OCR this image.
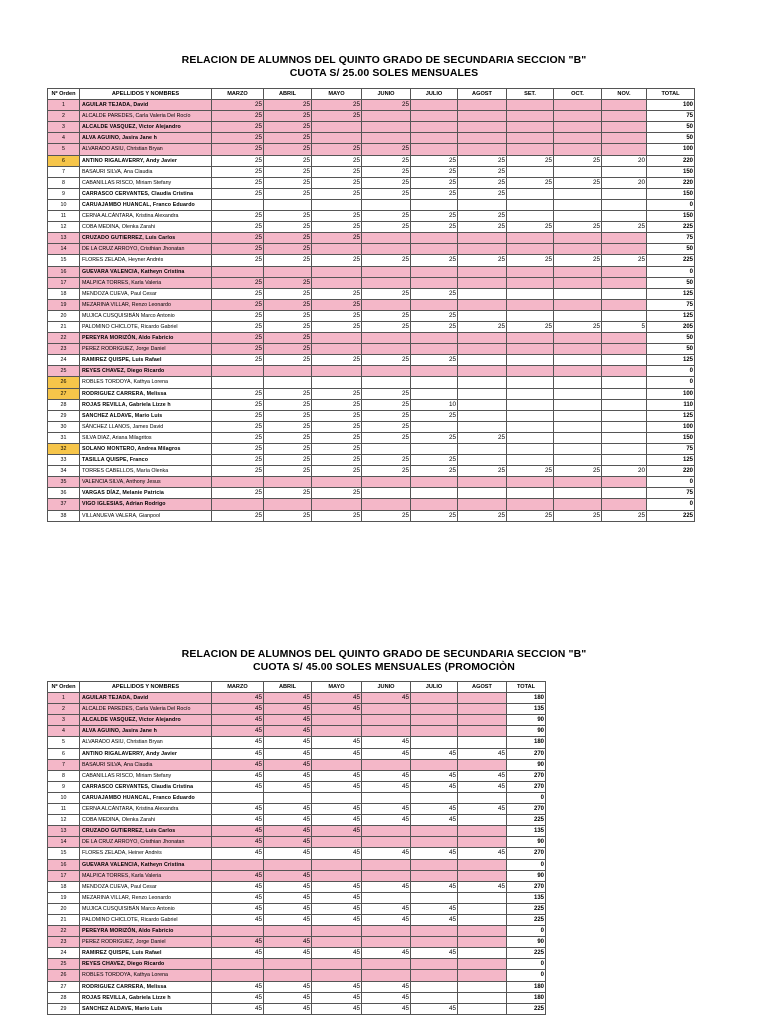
RELACION DE ALUMNOS DEL QUINTO GRADO DE SECUNDARIA SECCION "B"
CUOTA S/ 25.00 SOLES MENSUALES
Nº Orden	APELLIDOS Y NOMBRES	MARZO	ABRIL	MAYO	JUNIO	JULIO	AGOST	SET.	OCT.	NOV.	TOTAL
1	AGUILAR TEJADA, David	25	25	25	25						100
2	ALCALDE PAREDES, Carla Valeria Del Rocío	25	25	25							75
3	ALCALDE VASQUEZ, Victor Alejandro	25	25								50
4	ALVA AGUINO, Jasira Jane h	25	25								50
5	ALVARADO ASIU, Christian Bryan	25	25	25	25						100
6	ANTINO RIGALAVERRY, Andy Javier	25	25	25	25	25	25	25	25	20	220
7	BASAURI SILVA, Ana Claudia	25	25	25	25	25	25				150
8	CABANILLAS RISCO, Miriam Stefany	25	25	25	25	25	25	25	25	20	220
9	CARRASCO CERVANTES, Claudia Cristina	25	25	25	25	25	25				150
10	CARUAJAMBO HUANCAL, Franco Eduardo										0
11	CERNA ALCÁNTARA, Kristina Alexandra	25	25	25	25	25	25				150
12	COBA MEDINA, Olenka Zarahi	25	25	25	25	25	25	25	25	25	225
13	CRUZADO GUTIERREZ, Luis Carlos	25	25	25							75
14	DE LA CRUZ ARROYO, Cristhian Jhonatan	25	25								50
15	FLORES ZELADA, Heyner Andrés	25	25	25	25	25	25	25	25	25	225
16	GUEVARA VALENCIA, Katheyn Cristina										0
17	MALPICA TORRES, Karla Valeria	25	25								50
18	MENDOZA CUEVA, Paul Cesar	25	25	25	25	25					125
19	MEZARINA VILLAR, Renzo Leonardo	25	25	25							75
20	MUJICA CUSQUISIBÁN Marco Antonio	25	25	25	25	25					125
21	PALOMINO CHICLOTE, Ricardo Gabriel	25	25	25	25	25	25	25	25	5	205
22	PEREYRA MORIZÓN, Aldo Fabricio	25	25								50
23	PEREZ RODRIGUEZ, Jorge Daniel	25	25								50
24	RAMIREZ QUISPE, Luis Rafael	25	25	25	25	25					125
25	REYES CHAVEZ, Diego Ricardo										0
26	ROBLES TORDOYA, Kathya Lorena										0
27	RODRIGUEZ CARRERA, Melissa	25	25	25	25						100
28	ROJAS REVILLA, Gabriela Lizze h	25	25	25	25	10					110
29	SANCHEZ ALDAVE, Mario Luis	25	25	25	25	25					125
30	SÁNCHEZ LLANOS, James David	25	25	25	25						100
31	SILVA DIAZ, Ariana Milagritos	25	25	25	25	25	25				150
32	SOLANO MONTERO, Andrea Milagros	25	25	25							75
33	TASILLA QUISPE, Franco	25	25	25	25	25					125
34	TORRES CABELLOS, María Olenka	25	25	25	25	25	25	25	25	20	220
35	VALENCIA SILVA, Anthony Jesus										0
36	VARGAS DÍAZ, Melanie Patricia	25	25	25							75
37	VIGO IGLESIAS, Adrian Rodrigo										0
38	VILLANUEVA VALERA, Gianpool	25	25	25	25	25	25	25	25	25	225
RELACION DE ALUMNOS DEL QUINTO GRADO DE SECUNDARIA SECCION "B"
CUOTA S/ 45.00 SOLES MENSUALES (PROMOCIÒN
Nº Orden	APELLIDOS Y NOMBRES	MARZO	ABRIL	MAYO	JUNIO	JULIO	AGOST	TOTAL
1	AGUILAR TEJADA, David	45	45	45	45			180
2	ALCALDE PAREDES, Carla Valeria Del Rocío	45	45	45				135
3	ALCALDE VASQUEZ, Victor Alejandro	45	45					90
4	ALVA AGUINO, Jasira Jane h	45	45					90
5	ALVARADO ASIU, Christian Bryan	45	45	45	45			180
6	ANTINO RIGALAVERRY, Andy Javier	45	45	45	45	45	45	270
7	BASAURI SILVA, Ana Claudia	45	45					90
8	CABANILLAS RISCO, Miriam Stefany	45	45	45	45	45	45	270
9	CARRASCO CERVANTES, Claudia Cristina	45	45	45	45	45	45	270
10	CARUAJAMBO HUANCAL, Franco Eduardo							0
11	CERNA ALCÁNTARA, Kristina Alexandra	45	45	45	45	45	45	270
12	COBA MEDINA, Olenka Zarahi	45	45	45	45	45		225
13	CRUZADO GUTIERREZ, Luis Carlos	45	45	45				135
14	DE LA CRUZ ARROYO, Cristhian Jhonatan	45	45					90
15	FLORES ZELADA, Heiner Andrés	45	45	45	45	45	45	270
16	GUEVARA VALENCIA, Katheyn Cristina							0
17	MALPICA TORRES, Karla Valeria	45	45					90
18	MENDOZA CUEVA, Paul Cesar	45	45	45	45	45	45	270
19	MEZARINA VILLAR, Renzo Leonardo	45	45	45				135
20	MUJICA CUSQUISIBÁN Marco Antonio	45	45	45	45	45		225
21	PALOMINO CHICLOTE, Ricardo Gabriel	45	45	45	45	45		225
22	PEREYRA MORIZÓN, Aldo Fabricio							0
23	PEREZ RODRIGUEZ, Jorge Daniel	45	45					90
24	RAMIREZ QUISPE, Luis Rafael	45	45	45	45	45		225
25	REYES CHAVEZ, Diego Ricardo							0
26	ROBLES TORDOYA, Kathya Lorena							0
27	RODRIGUEZ CARRERA, Melissa	45	45	45	45			180
28	ROJAS REVILLA, Gabriela Lizze h	45	45	45	45			180
29	SANCHEZ ALDAVE, Mario Luis	45	45	45	45	45		225
